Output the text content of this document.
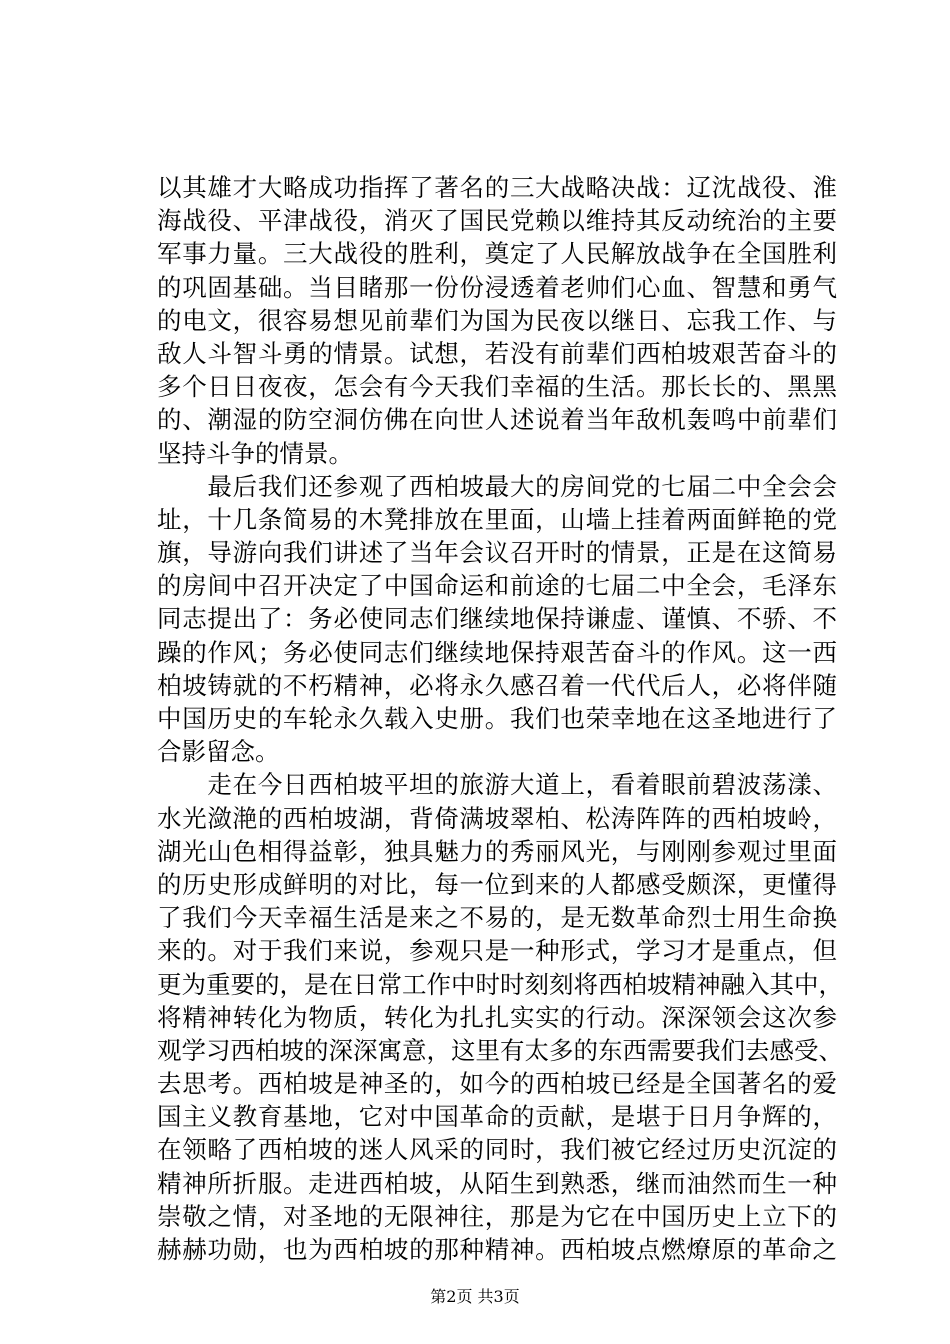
以其雄才大略成功指挥了著名的三大战略决战：辽沈战役、淮
海战役、平津战役，消灭了国民党赖以维持其反动统治的主要
军事力量。三大战役的胜利，奠定了人民解放战争在全国胜利
的巩固基础。当目睹那一份份浸透着老帅们心血、智慧和勇气
的电文，很容易想见前辈们为国为民夜以继日、忘我工作、与
敌人斗智斗勇的情景。试想，若没有前辈们西柏坡艰苦奋斗的
多个日日夜夜，怎会有今天我们幸福的生活。那长长的、黑黑
的、潮湿的防空洞仿佛在向世人述说着当年敌机轰鸣中前辈们
坚持斗争的情景。
　　最后我们还参观了西柏坡最大的房间党的七届二中全会会
址，十几条简易的木凳排放在里面，山墙上挂着两面鲜艳的党
旗，导游向我们讲述了当年会议召开时的情景，正是在这简易
的房间中召开决定了中国命运和前途的七届二中全会，毛泽东
同志提出了：务必使同志们继续地保持谦虚、谨慎、不骄、不
躁的作风；务必使同志们继续地保持艰苦奋斗的作风。这一西
柏坡铸就的不朽精神，必将永久感召着一代代后人，必将伴随
中国历史的车轮永久载入史册。我们也荣幸地在这圣地进行了
合影留念。
　　走在今日西柏坡平坦的旅游大道上，看着眼前碧波荡漾、
水光潋滟的西柏坡湖，背倚满坡翠柏、松涛阵阵的西柏坡岭，
湖光山色相得益彰，独具魅力的秀丽风光，与刚刚参观过里面
的历史形成鲜明的对比，每一位到来的人都感受颇深，更懂得
了我们今天幸福生活是来之不易的，是无数革命烈士用生命换
来的。对于我们来说，参观只是一种形式，学习才是重点，但
更为重要的，是在日常工作中时时刻刻将西柏坡精神融入其中，
将精神转化为物质，转化为扎扎实实的行动。深深领会这次参
观学习西柏坡的深深寓意，这里有太多的东西需要我们去感受、
去思考。西柏坡是神圣的，如今的西柏坡已经是全国著名的爱
国主义教育基地，它对中国革命的贡献，是堪于日月争辉的，
在领略了西柏坡的迷人风采的同时，我们被它经过历史沉淀的
精神所折服。走进西柏坡，从陌生到熟悉，继而油然而生一种
崇敬之情，对圣地的无限神往，那是为它在中国历史上立下的
赫赫功勋，也为西柏坡的那种精神。西柏坡点燃燎原的革命之
第2页 共3页
